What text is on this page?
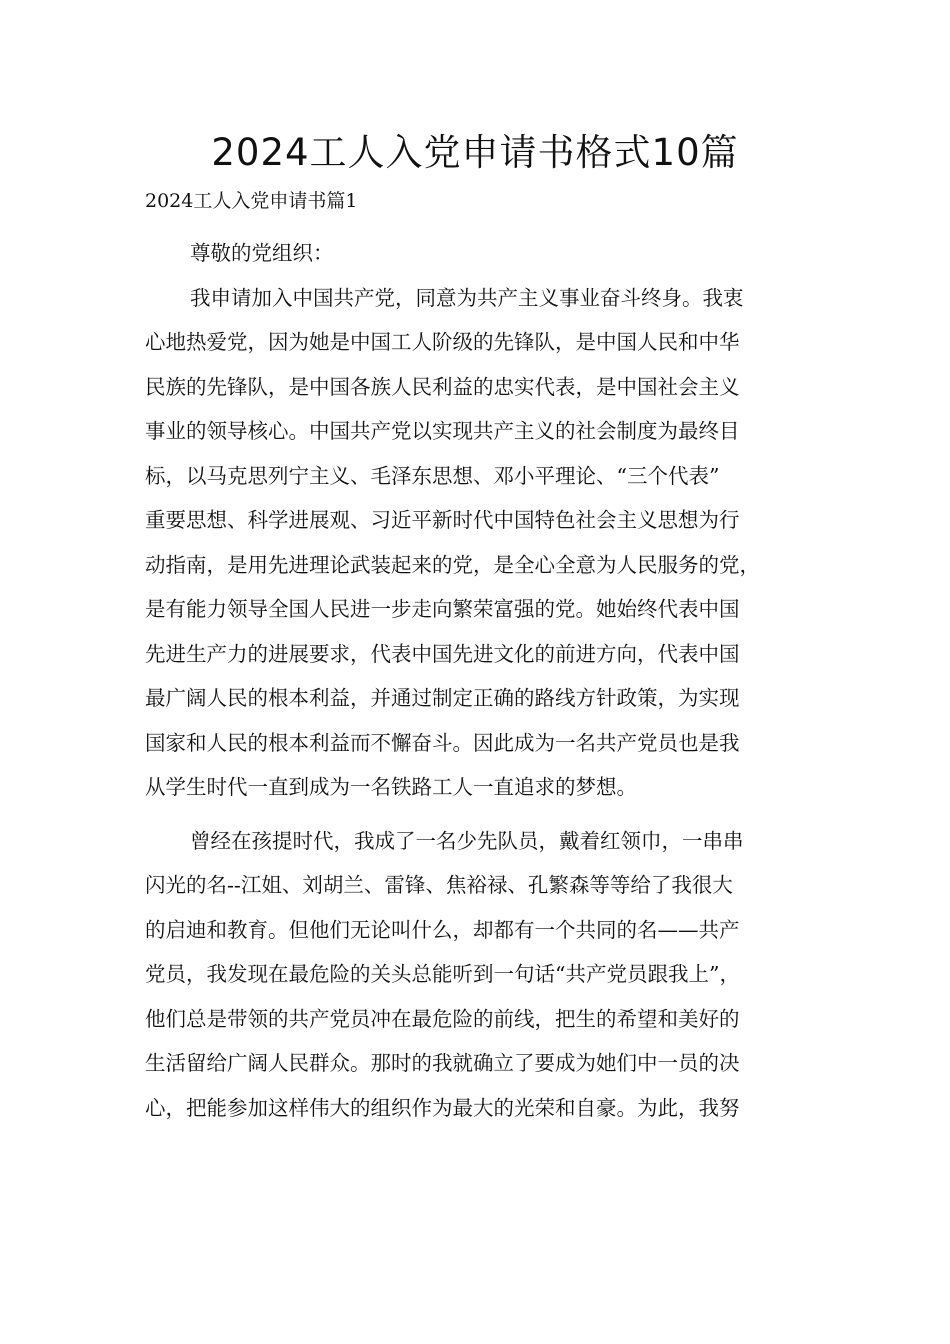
2024工人入党申请书格式10篇
2024工人入党申请书篇1

尊敬的党组织：

我申请加入中国共产党，同意为共产主义事业奋斗终身。我衷
心地热爱党，因为她是中国工人阶级的先锋队，是中国人民和中华
民族的先锋队，是中国各族人民利益的忠实代表，是中国社会主义
事业的领导核心。中国共产党以实现共产主义的社会制度为最终目
标，以马克思列宁主义、毛泽东思想、邓小平理论、“三个代表”
重要思想、科学进展观、习近平新时代中国特色社会主义思想为行
动指南，是用先进理论武装起来的党，是全心全意为人民服务的党，
是有能力领导全国人民进一步走向繁荣富强的党。她始终代表中国
先进生产力的进展要求，代表中国先进文化的前进方向，代表中国
最广阔人民的根本利益，并通过制定正确的路线方针政策，为实现
国家和人民的根本利益而不懈奋斗。因此成为一名共产党员也是我
从学生时代一直到成为一名铁路工人一直追求的梦想。

曾经在孩提时代，我成了一名少先队员，戴着红领巾，一串串
闪光的名--江姐、刘胡兰、雷锋、焦裕禄、孔繁森等等给了我很大
的启迪和教育。但他们无论叫什么，却都有一个共同的名——共产
党员，我发现在最危险的关头总能听到一句话“共产党员跟我上”，
他们总是带领的共产党员冲在最危险的前线，把生的希望和美好的
生活留给广阔人民群众。那时的我就确立了要成为她们中一员的决
心，把能参加这样伟大的组织作为最大的光荣和自豪。为此，我努
